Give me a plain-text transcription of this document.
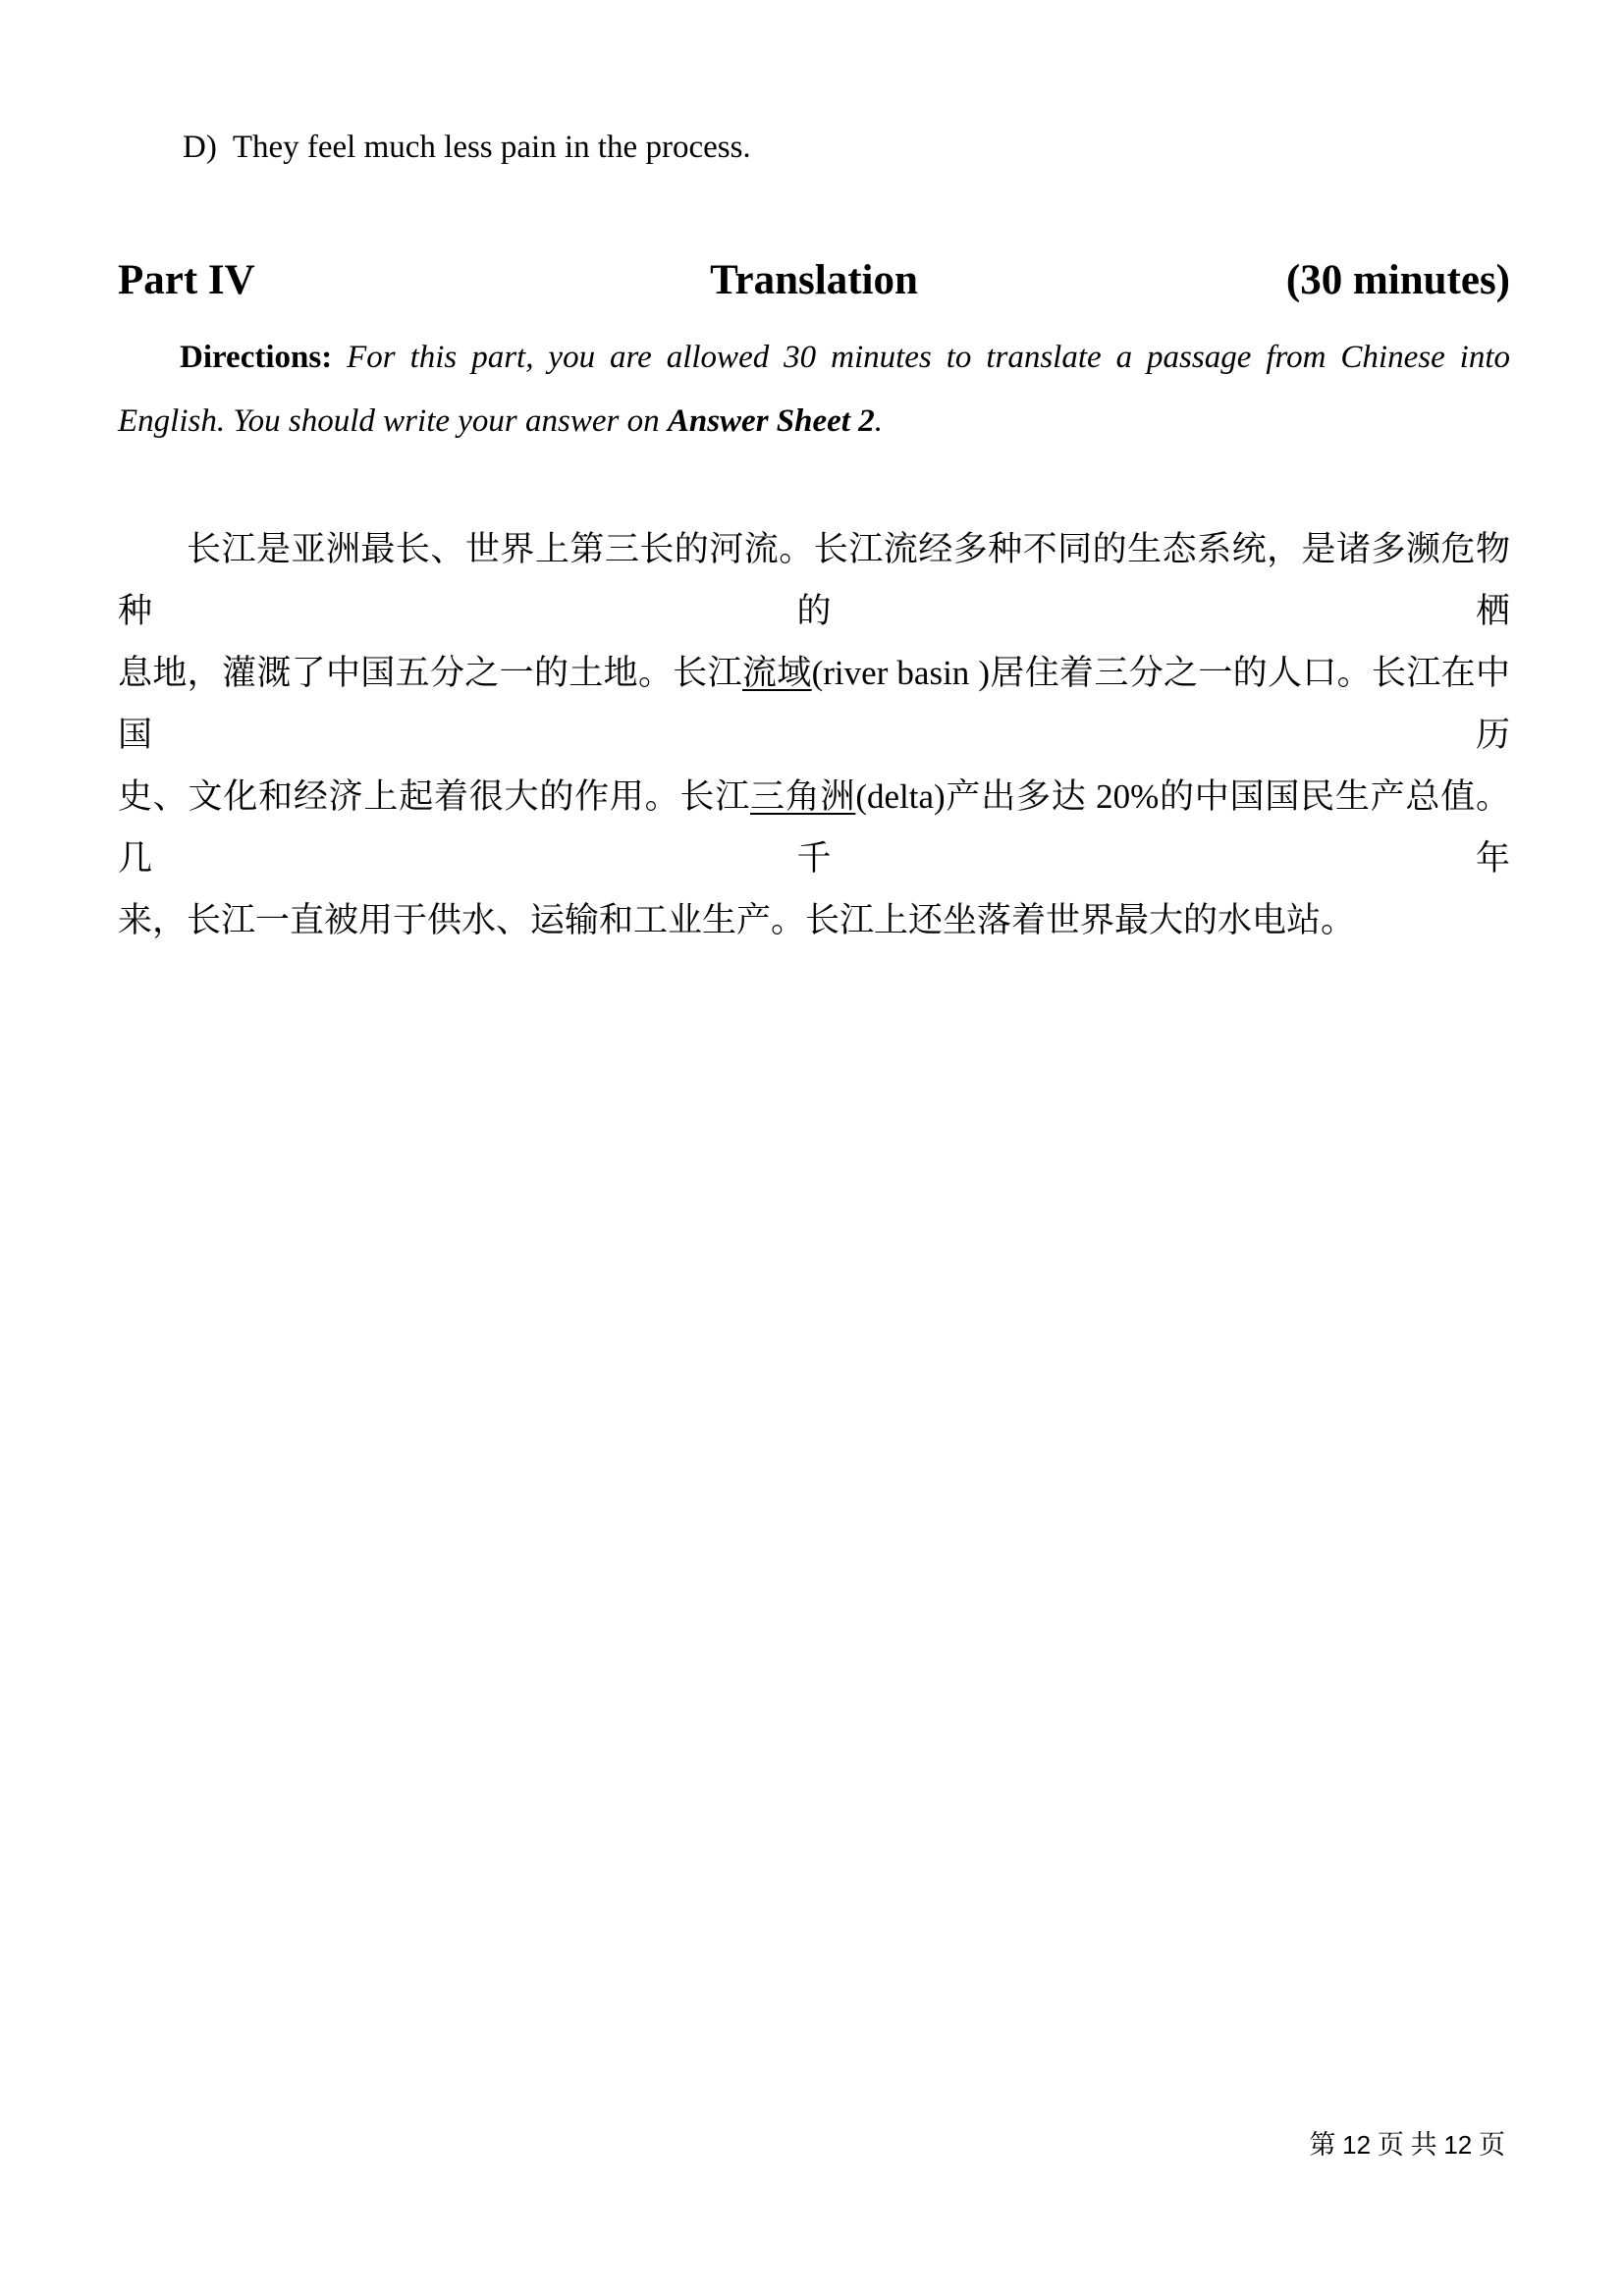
D) They feel much less pain in the process.
Part IV	Translation	(30 minutes)
Directions: For this part, you are allowed 30 minutes to translate a passage from Chinese into
English. You should write your answer on Answer Sheet 2.
长江是亚洲最长、世界上第三长的河流。长江流经多种不同的生态系统，是诸多濒危物种的栖
息地，灌溉了中国五分之一的土地。长江流域(river basin )居住着三分之一的人口。长江在中国历
史、文化和经济上起着很大的作用。长江三角洲(delta)产出多达 20%的中国国民生产总值。几千年
来，长江一直被用于供水、运输和工业生产。长江上还坐落着世界最大的水电站。
第 12 页 共 12 页
